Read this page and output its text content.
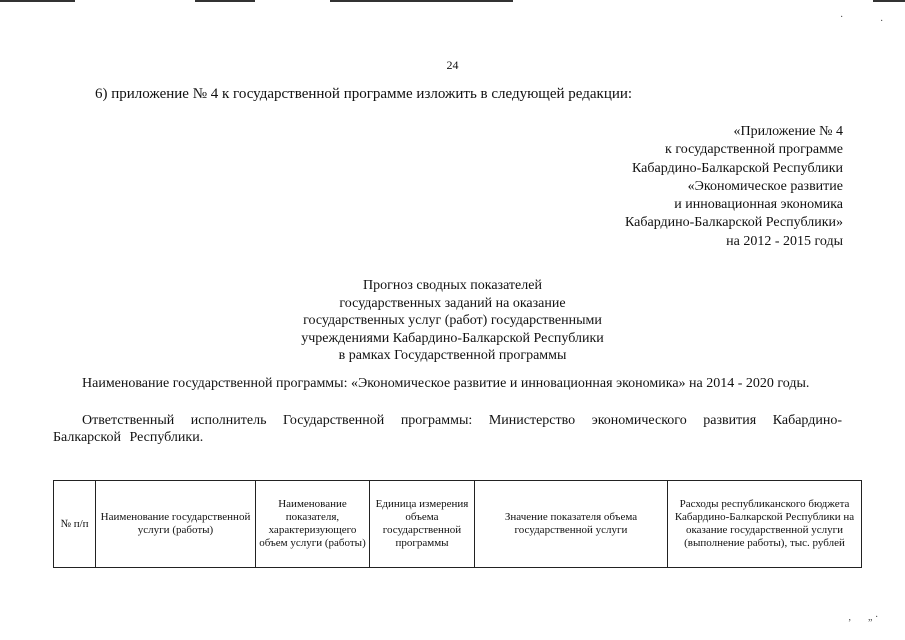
·	·
24
6) приложение № 4 к государственной программе изложить в следующей редакции:
«Приложение № 4
к государственной программе
Кабардино-Балкарской Республики
«Экономическое развитие
и инновационная экономика
Кабардино-Балкарской Республики»
на 2012 - 2015 годы
Прогноз сводных показателей
государственных заданий на оказание
государственных услуг (работ) государственными
учреждениями Кабардино-Балкарской Республики
в рамках Государственной программы
Наименование государственной программы: «Экономическое развитие и инновационная экономика» на 2014 - 2020 годы.
Ответственный исполнитель Государственной программы: Министерство экономического развития Кабардино-Балкарской Республики.
№ п/п	Наименование государственной услуги (работы)	Наименование показателя, характеризующего объем услуги (работы)	Единица измерения объема государственной программы	Значение показателя объема государственной услуги	Расходы республиканского бюджета Кабардино-Балкарской Республики на оказание государственной услуги (выполнение работы), тыс. рублей
‚ „ ·
